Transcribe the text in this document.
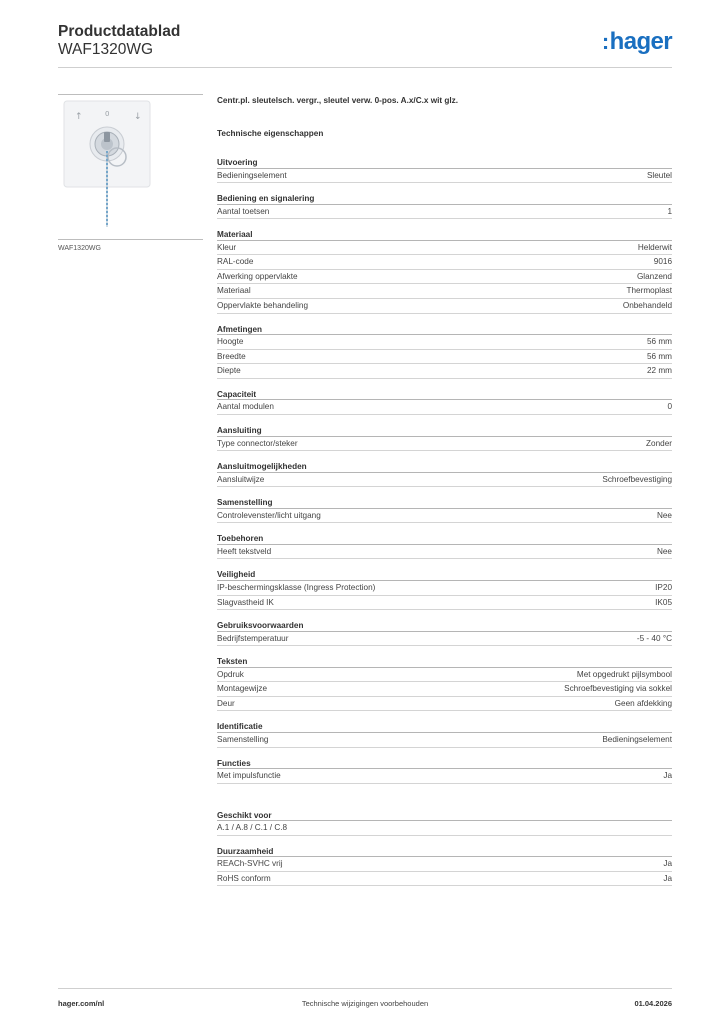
Productdatablad
WAF1320WG	:hager
↑	0	↓
WAF1320WG
Centr.pl. sleutelsch. vergr., sleutel verw. 0-pos. A.x/C.x wit glz.
Technische eigenschappen
Uitvoering
Bedieningselement	Sleutel
Bediening en signalering
Aantal toetsen	1
Materiaal
Kleur	Helderwit
RAL-code	9016
Afwerking oppervlakte	Glanzend
Materiaal	Thermoplast
Oppervlakte behandeling	Onbehandeld
Afmetingen
Hoogte	56 mm
Breedte	56 mm
Diepte	22 mm
Capaciteit
Aantal modulen	0
Aansluiting
Type connector/steker	Zonder
Aansluitmogelijkheden
Aansluitwijze	Schroefbevestiging
Samenstelling
Controlevenster/licht uitgang	Nee
Toebehoren
Heeft tekstveld	Nee
Veiligheid
IP-beschermingsklasse (Ingress Protection)	IP20
Slagvastheid IK	IK05
Gebruiksvoorwaarden
Bedrijfstemperatuur	-5 - 40 °C
Teksten
Opdruk	Met opgedrukt pijlsymbool
Montagewijze	Schroefbevestiging via sokkel
Deur	Geen afdekking
Identificatie
Samenstelling	Bedieningselement
Functies
Met impulsfunctie	Ja
Geschikt voor
A.1 / A.8 / C.1 / C.8
Duurzaamheid
REACh-SVHC vrij	Ja
RoHS conform	Ja
Technische wijzigingen voorbehouden
hager.com/nl	01.04.2026
